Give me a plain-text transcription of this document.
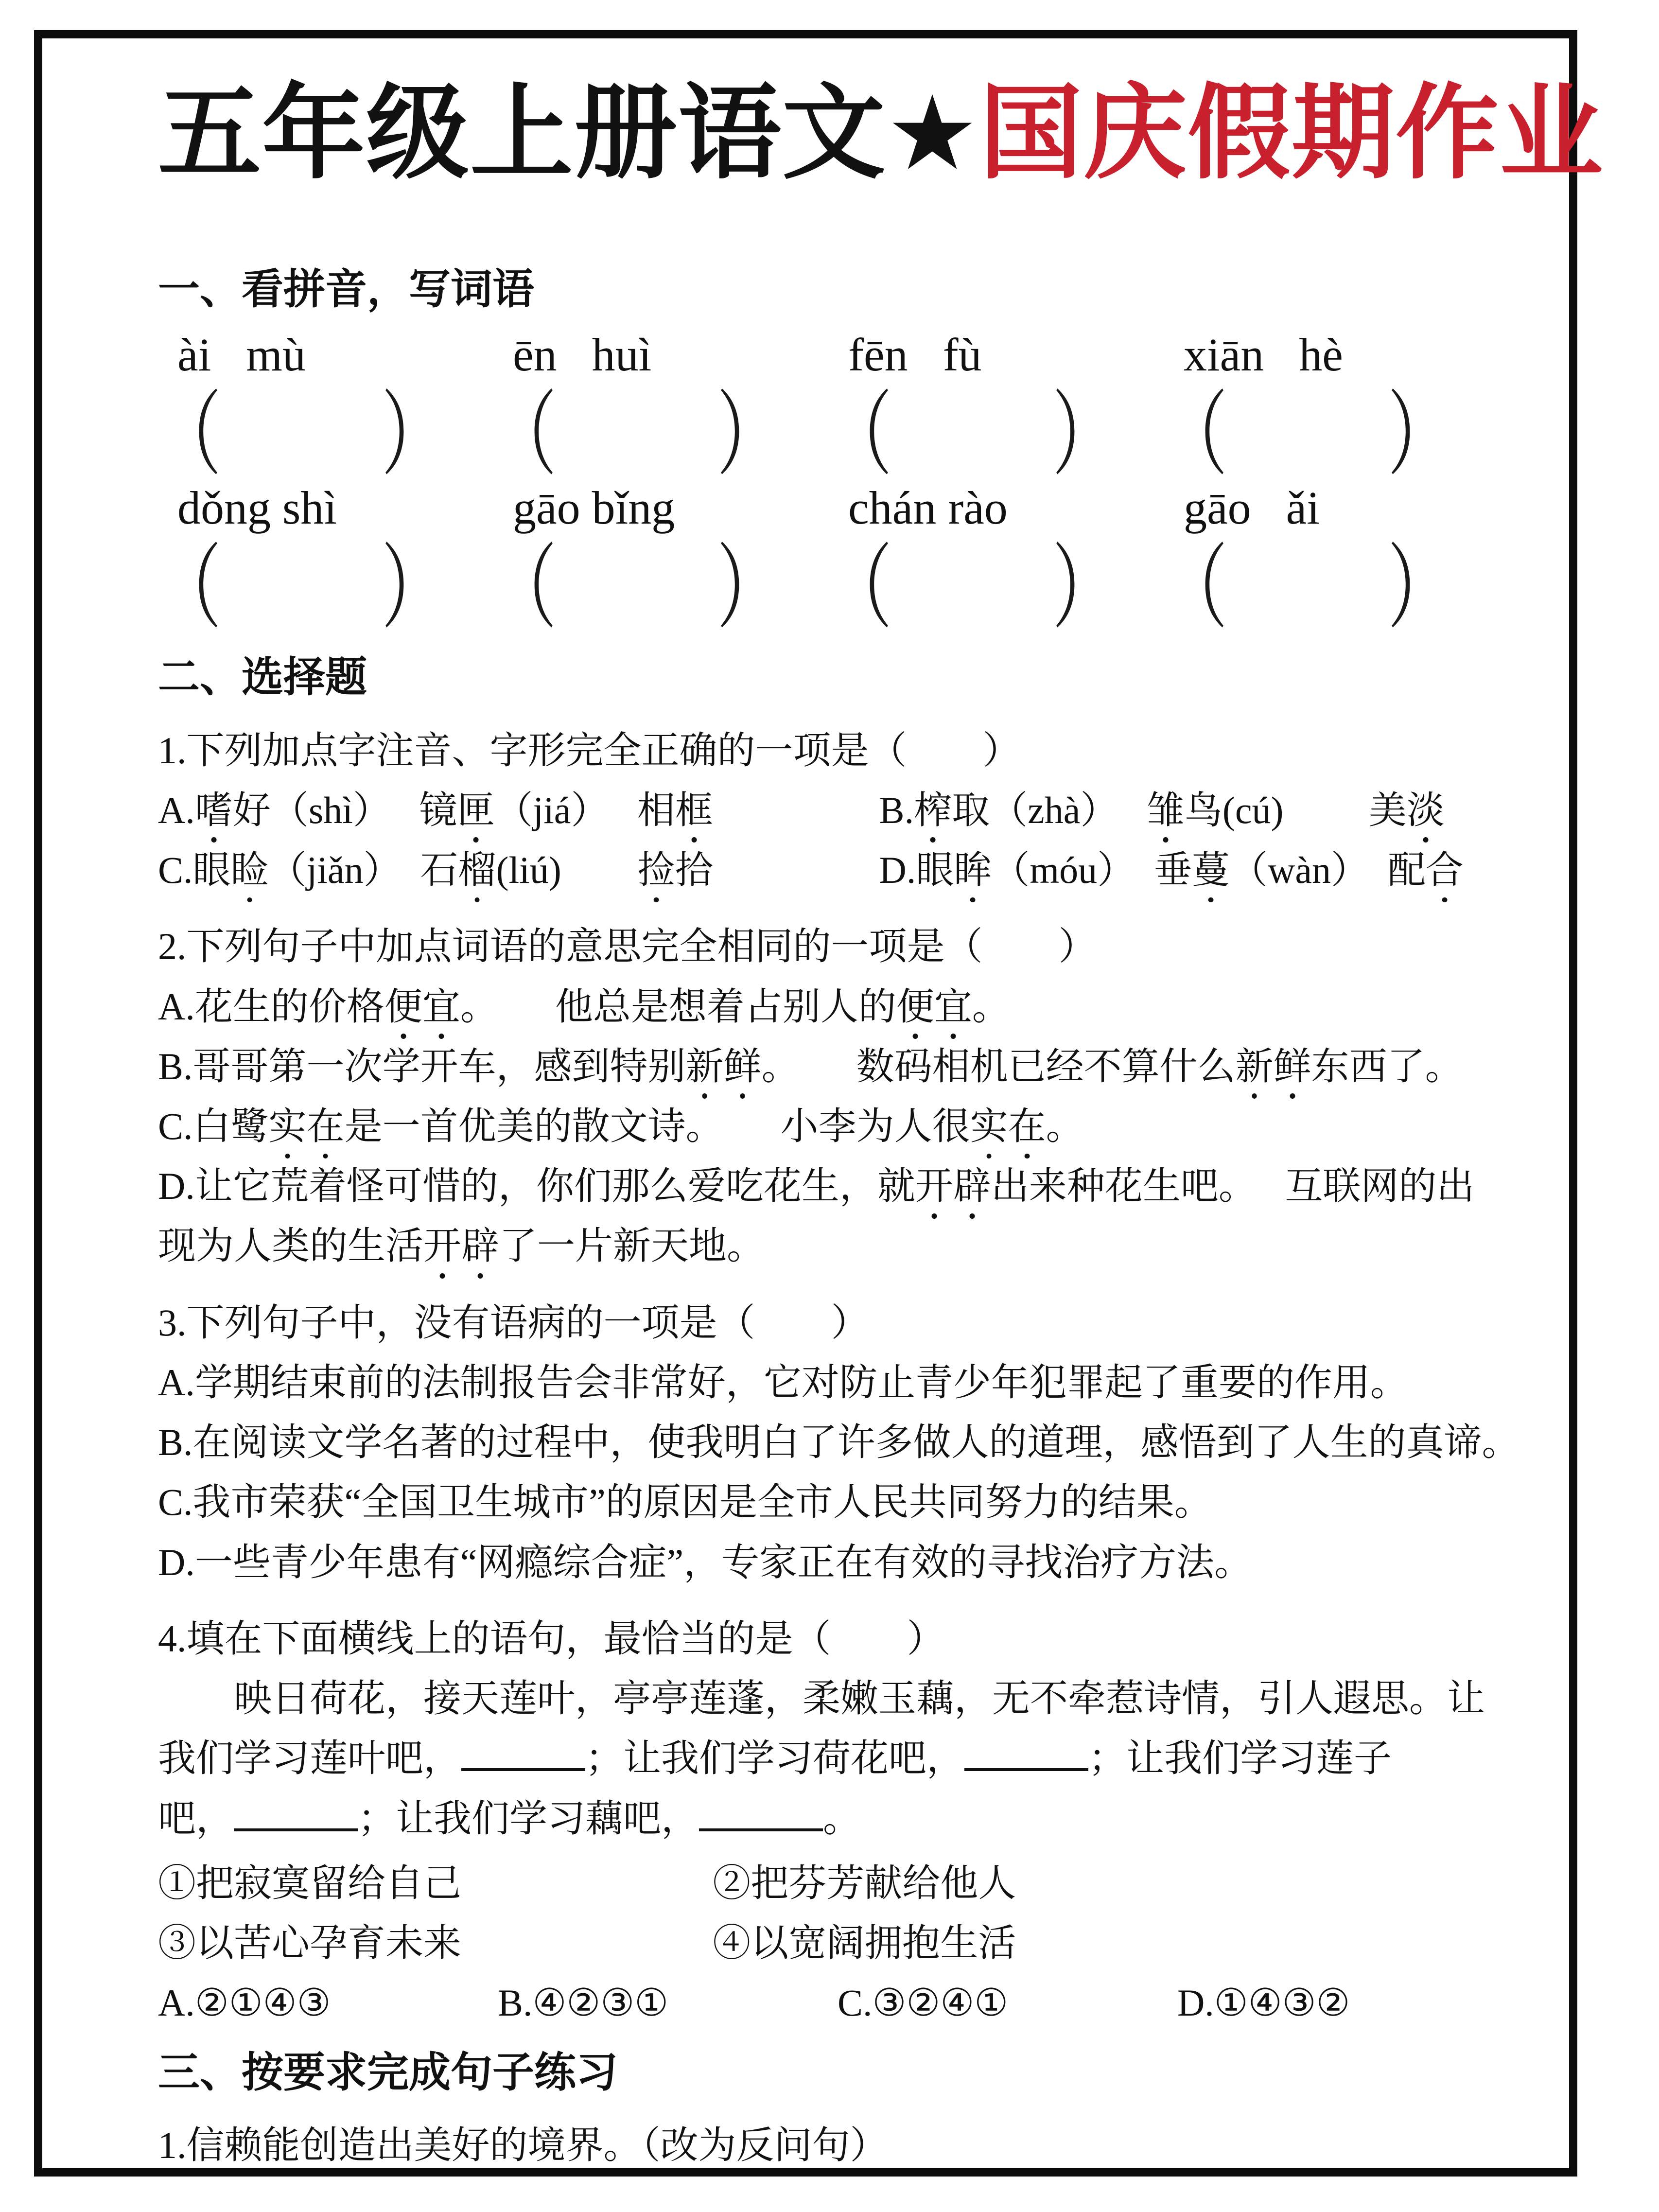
五年级上册语文★国庆假期作业
一、看拼音，写词语
ài   mù	ēn   huì	fēn   fù	xiān   hè
（	） （	） （	） （	）
dǒng shì	gāo bǐng	chán rào	gāo   ǎi
（	） （	） （	） （	）
二、选择题
1.下列加点字注音、字形完全正确的一项是（　　）
A.嗜好（shì）　 镜匣（jiá）　 相框	B.榨取（zhà）　 雏鸟(cú)　　 美淡
C.眼睑（jiǎn）　石榴(liú)　　捡拾	D.眼眸（móu）　垂蔓（wàn）　配合
2.下列句子中加点词语的意思完全相同的一项是（　　）
A.花生的价格便宜。　　他总是想着占别人的便宜。
B.哥哥第一次学开车，感到特别新鲜。　　数码相机已经不算什么新鲜东西了。
C.白鹭实在是一首优美的散文诗。　　小李为人很实在。
D.让它荒着怪可惜的，你们那么爱吃花生，就开辟出来种花生吧。　 互联网的出
现为人类的生活开辟了一片新天地。
3.下列句子中，没有语病的一项是（　　）
A.学期结束前的法制报告会非常好，它对防止青少年犯罪起了重要的作用。
B.在阅读文学名著的过程中，使我明白了许多做人的道理，感悟到了人生的真谛。
C.我市荣获“全国卫生城市”的原因是全市人民共同努力的结果。
D.一些青少年患有“网瘾综合症”，专家正在有效的寻找治疗方法。
4.填在下面横线上的语句，最恰当的是（　　）
映日荷花，接天莲叶，亭亭莲蓬，柔嫩玉藕，无不牵惹诗情，引人遐思。让
我们学习莲叶吧，	；让我们学习荷花吧，	；让我们学习莲子
吧，	；让我们学习藕吧，	。
①把寂寞留给自己	②把芬芳献给他人
③以苦心孕育未来	④以宽阔拥抱生活
A.②①④③	B.④②③①	C.③②④①	D.①④③②
三、按要求完成句子练习
1.信赖能创造出美好的境界。（改为反问句）
